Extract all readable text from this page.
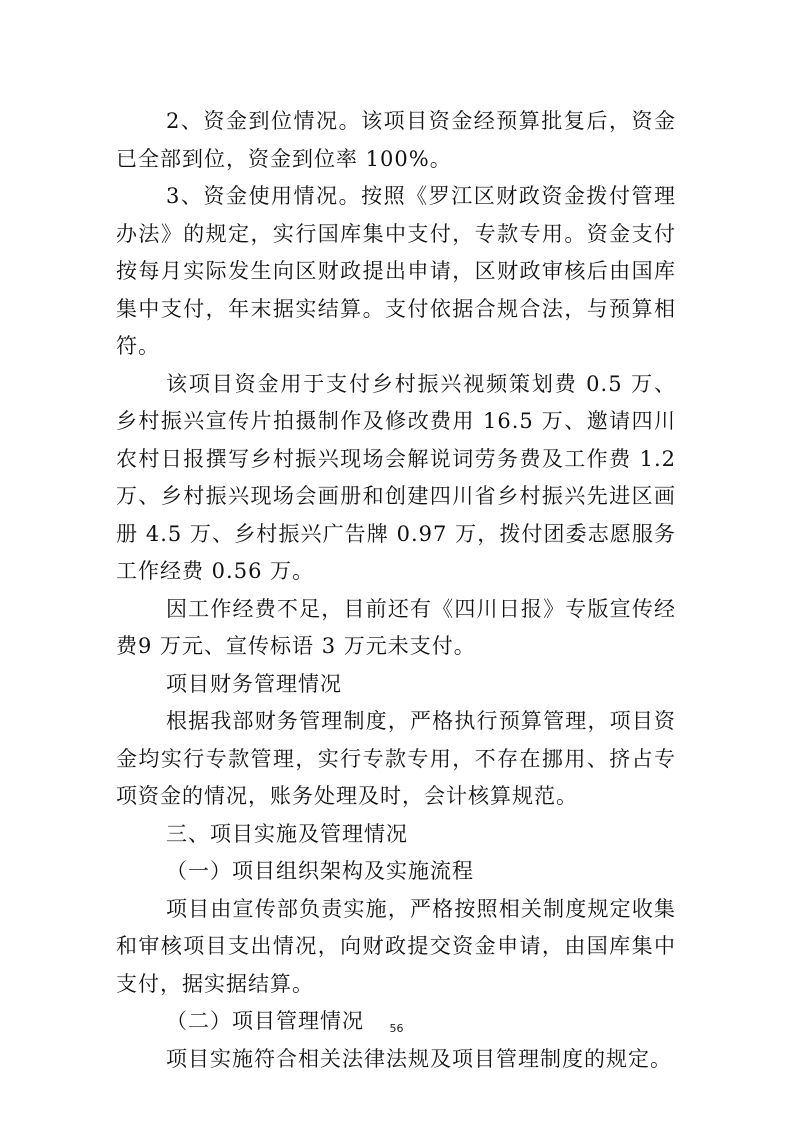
2、资金到位情况。该项目资金经预算批复后，资金已全部到位，资金到位率 100%。

3、资金使用情况。按照《罗江区财政资金拨付管理办法》的规定，实行国库集中支付，专款专用。资金支付按每月实际发生向区财政提出申请，区财政审核后由国库集中支付，年末据实结算。支付依据合规合法，与预算相符。

该项目资金用于支付乡村振兴视频策划费 0.5 万、乡村振兴宣传片拍摄制作及修改费用 16.5 万、邀请四川农村日报撰写乡村振兴现场会解说词劳务费及工作费 1.2 万、乡村振兴现场会画册和创建四川省乡村振兴先进区画册 4.5 万、乡村振兴广告牌 0.97 万，拨付团委志愿服务工作经费 0.56 万。

因工作经费不足，目前还有《四川日报》专版宣传经费9 万元、宣传标语 3 万元未支付。

项目财务管理情况

根据我部财务管理制度，严格执行预算管理，项目资金均实行专款管理，实行专款专用，不存在挪用、挤占专项资金的情况，账务处理及时，会计核算规范。

三、项目实施及管理情况

（一）项目组织架构及实施流程

项目由宣传部负责实施，严格按照相关制度规定收集和审核项目支出情况，向财政提交资金申请，由国库集中支付，据实据结算。

（二）项目管理情况

项目实施符合相关法律法规及项目管理制度的规定。

56
